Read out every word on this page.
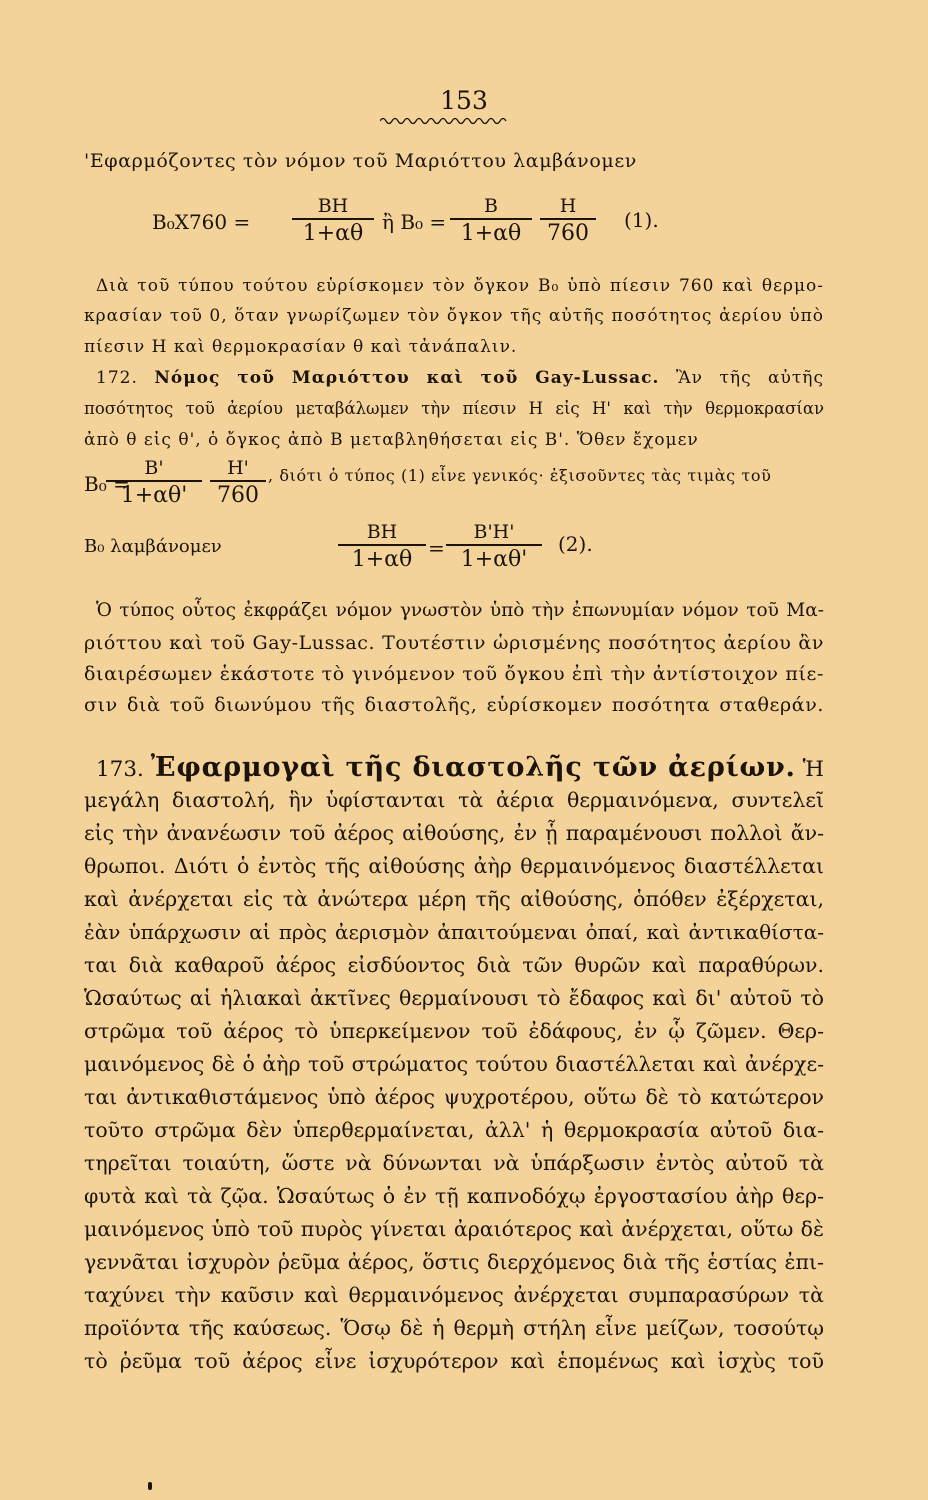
153
'Εφαρμόζοντες τὸν νόμον τοῦ Μαριόττου λαμβάνομεν
$B_0X760 = \frac{BH}{1+\alpha\theta}$ ἢ $B_0 = \frac{B}{1+\alpha\theta} \frac{H}{760} (1)$.
Διὰ τοῦ τύπου τούτου εὑρίσκομεν τὸν ὄγκον B₀ ὑπὸ πίεσιν 760 καὶ θερμο-
κρασίαν τοῦ 0, ὅταν γνωρίζωμεν τὸν ὄγκον τῆς αὐτῆς ποσότητος ἀερίου ὑπὸ
πίεσιν H καὶ θερμοκρασίαν θ καὶ τἀνάπαλιν.
172. Νόμος τοῦ Μαριόττου καὶ τοῦ Gay-Lussac. Ἂν τῆς αὐτῆς
ποσότητος τοῦ ἀερίου μεταβάλωμεν τὴν πίεσιν H εἰς H' καὶ τὴν θερμοκρασίαν
ἀπὸ θ εἰς θ', ὁ ὄγκος ἀπὸ B μεταβληθήσεται εἰς B'. Ὅθεν ἔχομεν
B₀ =
$\frac{B'}{1+\alpha\theta'} \frac{H'}{760}$ , διότι ὁ τύπος (1) εἶνε γενικός· ἐξισοῦντες τὰς τιμὰς τοῦ
B₀ λαμβάνομεν	$\frac{BH}{1+\alpha\theta} = \frac{B'H'}{1+\alpha\theta'} (2)$.
Ὁ τύπος οὗτος ἐκφράζει νόμον γνωστὸν ὑπὸ τὴν ἐπωνυμίαν νόμον τοῦ Μα-
ριόττου καὶ τοῦ Gay-Lussac. Τουτέστιν ὡρισμένης ποσότητος ἀερίου ἂν
διαιρέσωμεν ἑκάστοτε τὸ γινόμενον τοῦ ὄγκου ἐπὶ τὴν ἀντίστοιχον πίε-
σιν διὰ τοῦ διωνύμου τῆς διαστολῆς, εὑρίσκομεν ποσότητα σταθεράν.
173. Ἐφαρμογαὶ τῆς διαστολῆς τῶν ἀερίων. Ἡ
μεγάλη διαστολή, ἣν ὑφίστανται τὰ ἀέρια θερμαινόμενα, συντελεῖ
εἰς τὴν ἀνανέωσιν τοῦ ἀέρος αἰθούσης, ἐν ᾗ παραμένουσι πολλοὶ ἄν-
θρωποι. Διότι ὁ ἐντὸς τῆς αἰθούσης ἀὴρ θερμαινόμενος διαστέλλεται
καὶ ἀνέρχεται εἰς τὰ ἀνώτερα μέρη τῆς αἰθούσης, ὁπόθεν ἐξέρχεται,
ἐὰν ὑπάρχωσιν αἱ πρὸς ἀερισμὸν ἀπαιτούμεναι ὀπαί, καὶ ἀντικαθίστα-
ται διὰ καθαροῦ ἀέρος εἰσδύοντος διὰ τῶν θυρῶν καὶ παραθύρων.
Ὡσαύτως αἱ ἡλιακαὶ ἀκτῖνες θερμαίνουσι τὸ ἔδαφος καὶ δι' αὐτοῦ τὸ
στρῶμα τοῦ ἀέρος τὸ ὑπερκείμενον τοῦ ἐδάφους, ἐν ᾧ ζῶμεν. Θερ-
μαινόμενος δὲ ὁ ἀὴρ τοῦ στρώματος τούτου διαστέλλεται καὶ ἀνέρχε-
ται ἀντικαθιστάμενος ὑπὸ ἀέρος ψυχροτέρου, οὕτω δὲ τὸ κατώτερον
τοῦτο στρῶμα δὲν ὑπερθερμαίνεται, ἀλλ' ἡ θερμοκρασία αὐτοῦ δια-
τηρεῖται τοιαύτη, ὥστε νὰ δύνωνται νὰ ὑπάρξωσιν ἐντὸς αὐτοῦ τὰ
φυτὰ καὶ τὰ ζῷα. Ὡσαύτως ὁ ἐν τῇ καπνοδόχῳ ἐργοστασίου ἀὴρ θερ-
μαινόμενος ὑπὸ τοῦ πυρὸς γίνεται ἀραιότερος καὶ ἀνέρχεται, οὕτω δὲ
γεννᾶται ἰσχυρὸν ῥεῦμα ἀέρος, ὅστις διερχόμενος διὰ τῆς ἑστίας ἐπι-
ταχύνει τὴν καῦσιν καὶ θερμαινόμενος ἀνέρχεται συμπαρασύρων τὰ
προϊόντα τῆς καύσεως. Ὅσῳ δὲ ἡ θερμὴ στήλη εἶνε μείζων, τοσούτῳ
τὸ ῥεῦμα τοῦ ἀέρος εἶνε ἰσχυρότερον καὶ ἑπομένως καὶ ἰσχὺς τοῦ
